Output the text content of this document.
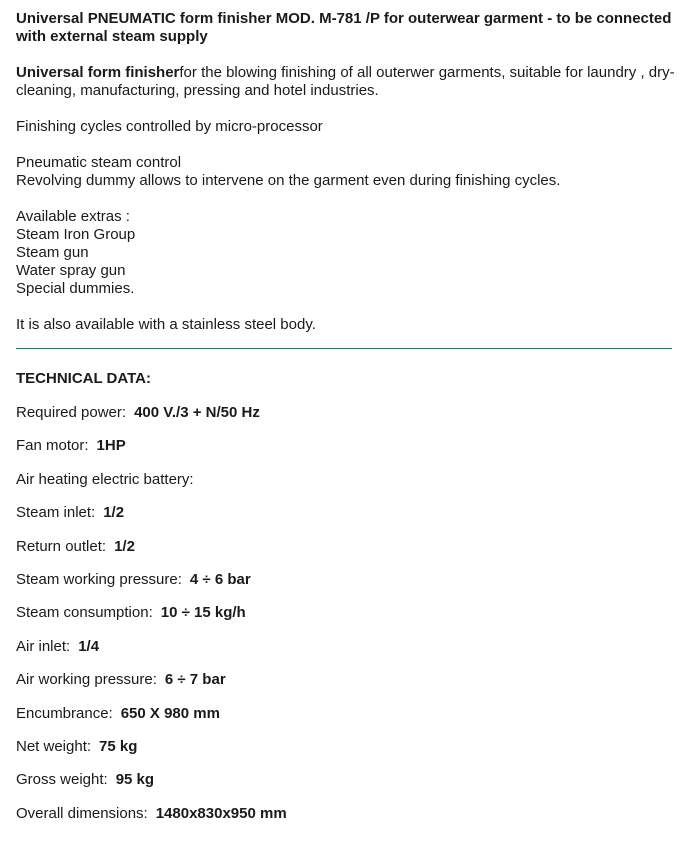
Universal PNEUMATIC form finisher MOD. M-781 /P for outerwear garment - to be connected with external steam supply

Universal form finisherfor the blowing finishing of all outerwer garments, suitable for laundry , dry-cleaning, manufacturing, pressing and hotel industries.

Finishing cycles controlled by micro-processor

Pneumatic steam control

Revolving dummy allows to intervene on the garment even during finishing cycles.

Available extras :

Steam Iron Group

Steam gun

Water spray gun

Special dummies.

It is also available with a stainless steel body.

TECHNICAL DATA:
Required power: 400 V./3 + N/50 Hz
Fan motor: 1HP
Air heating electric battery:
Steam inlet: 1/2
Return outlet: 1/2
Steam working pressure: 4 ÷ 6 bar
Steam consumption: 10 ÷ 15 kg/h
Air inlet: 1/4
Air working pressure: 6 ÷ 7 bar
Encumbrance: 650 X 980 mm
Net weight: 75 kg
Gross weight: 95 kg
Overall dimensions: 1480x830x950 mm
